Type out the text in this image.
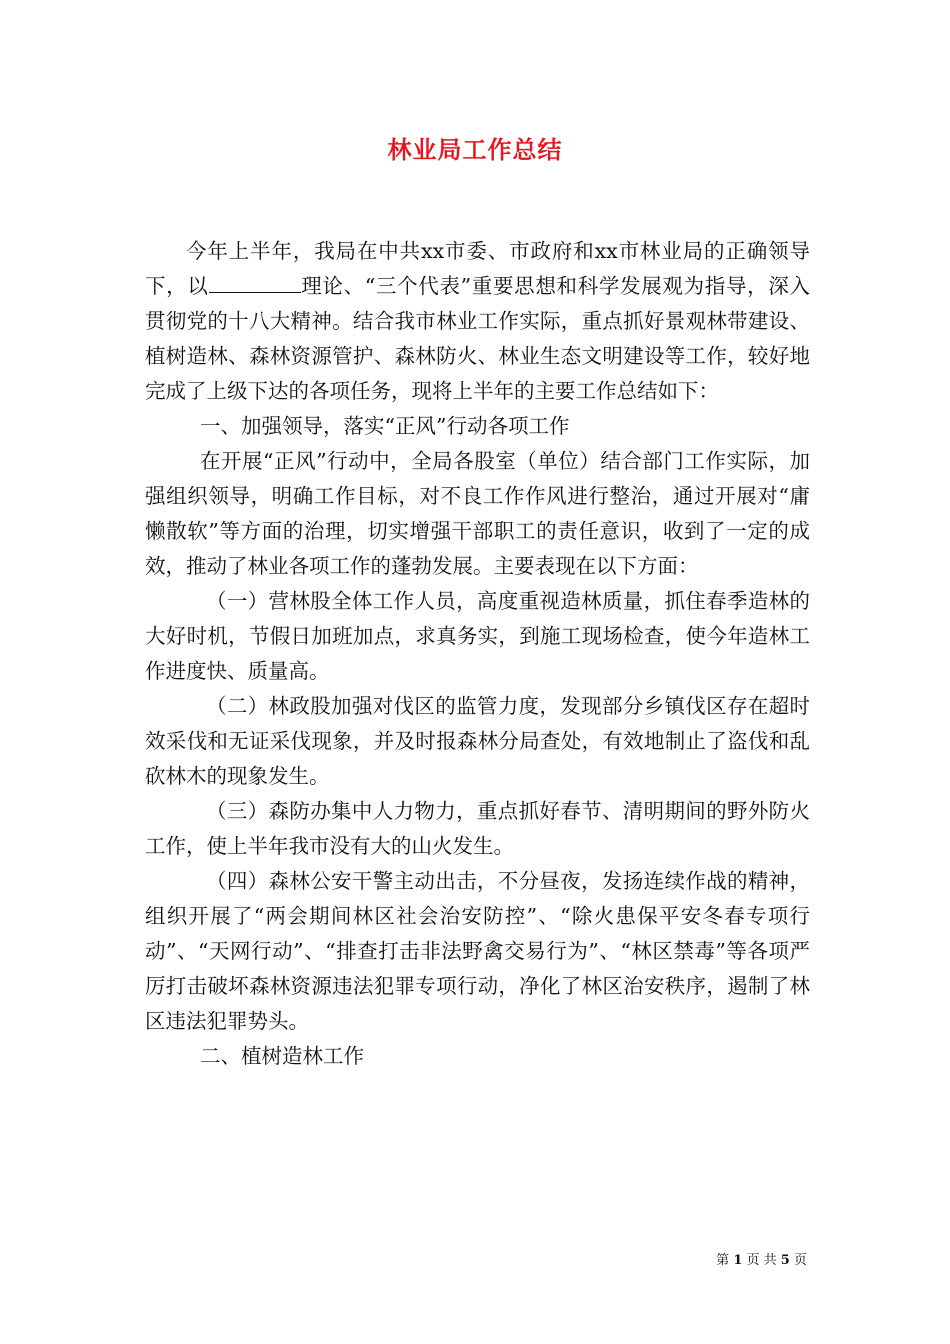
林业局工作总结

今年上半年，我局在中共xx市委、市政府和xx市林业局的正确领导下，以	理论、“三个代表”重要思想和科学发展观为指导，深入贯彻党的十八大精神。结合我市林业工作实际，重点抓好景观林带建设、植树造林、森林资源管护、森林防火、林业生态文明建设等工作，较好地完成了上级下达的各项任务，现将上半年的主要工作总结如下：

一、加强领导，落实“正风”行动各项工作

在开展“正风”行动中，全局各股室（单位）结合部门工作实际，加强组织领导，明确工作目标，对不良工作作风进行整治，通过开展对“庸懒散软”等方面的治理，切实增强干部职工的责任意识，收到了一定的成效，推动了林业各项工作的蓬勃发展。主要表现在以下方面：

（一）营林股全体工作人员，高度重视造林质量，抓住春季造林的大好时机，节假日加班加点，求真务实，到施工现场检查，使今年造林工作进度快、质量高。

（二）林政股加强对伐区的监管力度，发现部分乡镇伐区存在超时效采伐和无证采伐现象，并及时报森林分局查处，有效地制止了盗伐和乱砍林木的现象发生。

（三）森防办集中人力物力，重点抓好春节、清明期间的野外防火工作，使上半年我市没有大的山火发生。

（四）森林公安干警主动出击，不分昼夜，发扬连续作战的精神，组织开展了“两会期间林区社会治安防控”、“除火患保平安冬春专项行动”、“天网行动”、“排查打击非法野禽交易行为”、“林区禁毒”等各项严厉打击破坏森林资源违法犯罪专项行动，净化了林区治安秩序，遏制了林区违法犯罪势头。

二、植树造林工作

第 1 页 共 5 页
